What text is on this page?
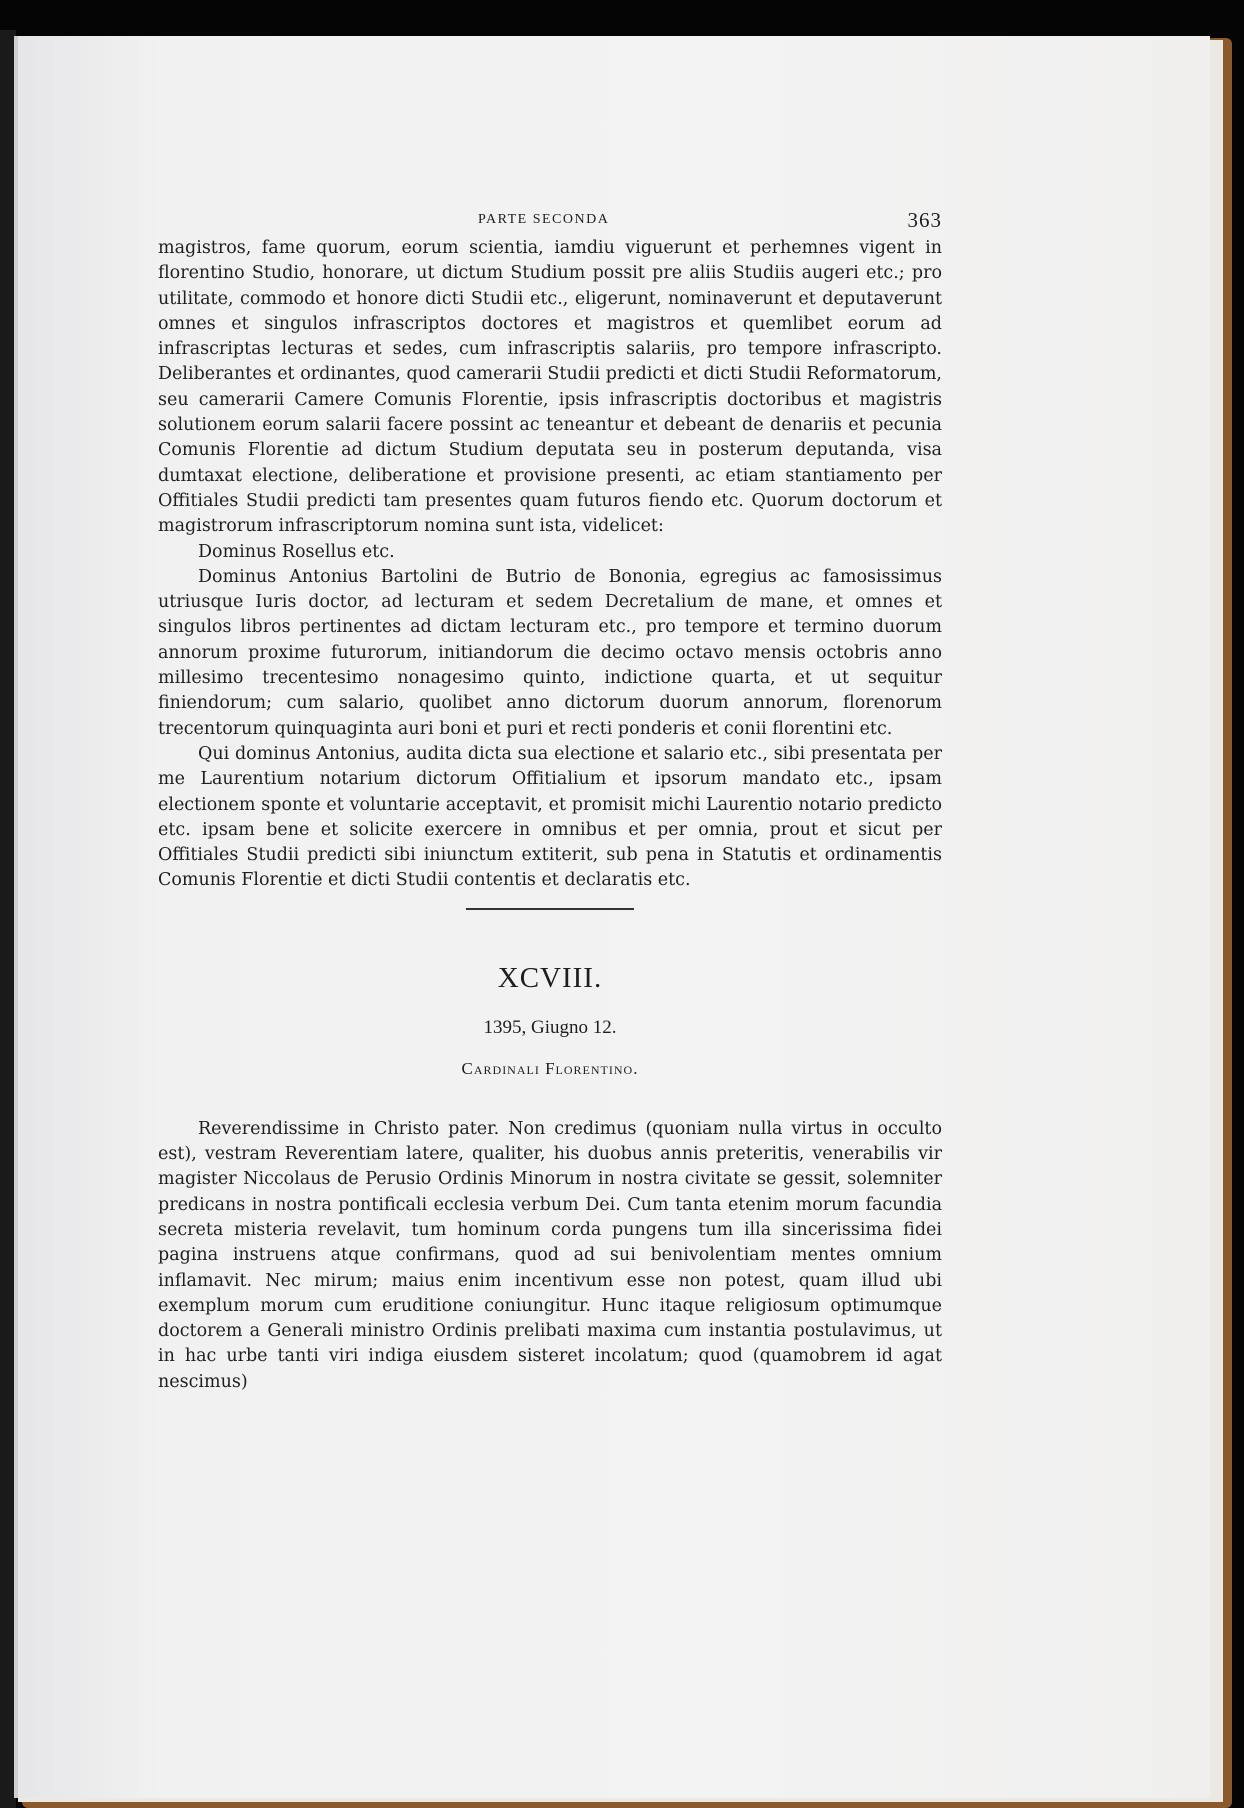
PARTE SECONDA	363

magistros, fame quorum, eorum scientia, iamdiu viguerunt et perhemnes vigent in florentino Studio, honorare, ut dictum Studium possit pre aliis Studiis augeri etc.; pro utilitate, commodo et honore dicti Studii etc., eligerunt, nominaverunt et deputaverunt omnes et singulos infrascriptos doctores et magistros et quemlibet eorum ad infrascriptas lecturas et sedes, cum infrascriptis salariis, pro tempore infrascripto. Deliberantes et ordinantes, quod camerarii Studii predicti et dicti Studii Reformatorum, seu camerarii Camere Comunis Florentie, ipsis infrascriptis doctoribus et magistris solutionem eorum salarii facere possint ac teneantur et debeant de denariis et pecunia Comunis Florentie ad dictum Studium deputata seu in posterum deputanda, visa dumtaxat electione, deliberatione et provisione presenti, ac etiam stantiamento per Offitiales Studii predicti tam presentes quam futuros fiendo etc. Quorum doctorum et magistrorum infrascriptorum nomina sunt ista, videlicet:

Dominus Rosellus etc.

Dominus Antonius Bartolini de Butrio de Bononia, egregius ac famosissimus utriusque Iuris doctor, ad lecturam et sedem Decretalium de mane, et omnes et singulos libros pertinentes ad dictam lecturam etc., pro tempore et termino duorum annorum proxime futurorum, initiandorum die decimo octavo mensis octobris anno millesimo trecentesimo nonagesimo quinto, indictione quarta, et ut sequitur finiendorum; cum salario, quolibet anno dictorum duorum annorum, florenorum trecentorum quinquaginta auri boni et puri et recti ponderis et conii florentini etc.

Qui dominus Antonius, audita dicta sua electione et salario etc., sibi presentata per me Laurentium notarium dictorum Offitialium et ipsorum mandato etc., ipsam electionem sponte et voluntarie acceptavit, et promisit michi Laurentio notario predicto etc. ipsam bene et solicite exercere in omnibus et per omnia, prout et sicut per Offitiales Studii predicti sibi iniunctum extiterit, sub pena in Statutis et ordinamentis Comunis Florentie et dicti Studii contentis et declaratis etc.

XCVIII.
1395, Giugno 12.
Cardinali Florentino.

Reverendissime in Christo pater. Non credimus (quoniam nulla virtus in occulto est), vestram Reverentiam latere, qualiter, his duobus annis preteritis, venerabilis vir magister Niccolaus de Perusio Ordinis Minorum in nostra civitate se gessit, solemniter predicans in nostra pontificali ecclesia verbum Dei. Cum tanta etenim morum facundia secreta misteria revelavit, tum hominum corda pungens tum illa sincerissima fidei pagina instruens atque confirmans, quod ad sui benivolentiam mentes omnium inflamavit. Nec mirum; maius enim incentivum esse non potest, quam illud ubi exemplum morum cum eruditione coniungitur. Hunc itaque religiosum optimumque doctorem a Generali ministro Ordinis prelibati maxima cum instantia postulavimus, ut in hac urbe tanti viri indiga eiusdem sisteret incolatum; quod (quamobrem id agat nescimus)
